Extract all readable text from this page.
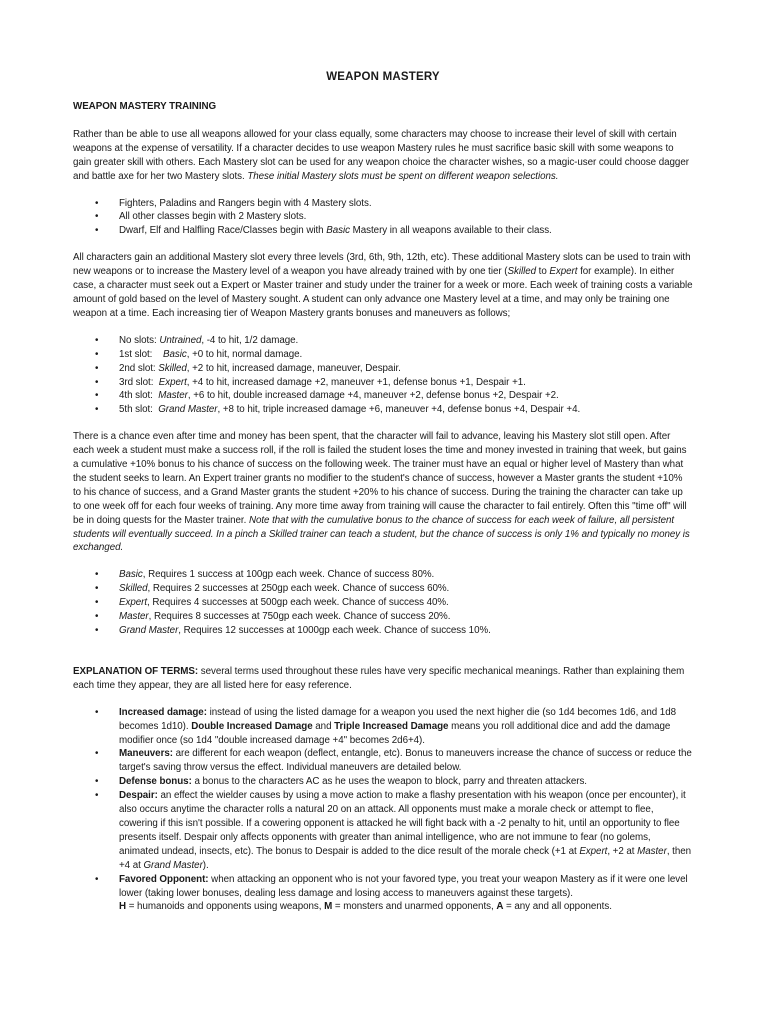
WEAPON MASTERY
WEAPON MASTERY TRAINING

Rather than be able to use all weapons allowed for your class equally, some characters may choose to increase their level of skill with certain weapons at the expense of versatility. If a character decides to use weapon Mastery rules he must sacrifice basic skill with some weapons to gain greater skill with others. Each Mastery slot can be used for any weapon choice the character wishes, so a magic-user could choose dagger and battle axe for her two Mastery slots. These initial Mastery slots must be spent on different weapon selections.

• Fighters, Paladins and Rangers begin with 4 Mastery slots.
• All other classes begin with 2 Mastery slots.
• Dwarf, Elf and Halfling Race/Classes begin with Basic Mastery in all weapons available to their class.

All characters gain an additional Mastery slot every three levels (3rd, 6th, 9th, 12th, etc). These additional Mastery slots can be used to train with new weapons or to increase the Mastery level of a weapon you have already trained with by one tier (Skilled to Expert for example). In either case, a character must seek out a Expert or Master trainer and study under the trainer for a week or more. Each week of training costs a variable amount of gold based on the level of Mastery sought. A student can only advance one Mastery level at a time, and may only be training one weapon at a time. Each increasing tier of Weapon Mastery grants bonuses and maneuvers as follows;

• No slots: Untrained, -4 to hit, 1/2 damage.
• 1st slot:    Basic, +0 to hit, normal damage.
• 2nd slot: Skilled, +2 to hit, increased damage, maneuver, Despair.
• 3rd slot:  Expert, +4 to hit, increased damage +2, maneuver +1, defense bonus +1, Despair +1.
• 4th slot:  Master, +6 to hit, double increased damage +4, maneuver +2, defense bonus +2, Despair +2.
• 5th slot:  Grand Master, +8 to hit, triple increased damage +6, maneuver +4, defense bonus +4, Despair +4.

There is a chance even after time and money has been spent, that the character will fail to advance, leaving his Mastery slot still open. After each week a student must make a success roll, if the roll is failed the student loses the time and money invested in training that week, but gains a cumulative +10% bonus to his chance of success on the following week. The trainer must have an equal or higher level of Mastery than what the student seeks to learn. An Expert trainer grants no modifier to the student's chance of success, however a Master grants the student +10% to his chance of success, and a Grand Master grants the student +20% to his chance of success. During the training the character can take up to one week off for each four weeks of training. Any more time away from training will cause the character to fail entirely. Often this "time off" will be in doing quests for the Master trainer. Note that with the cumulative bonus to the chance of success for each week of failure, all persistent students will eventually succeed. In a pinch a Skilled trainer can teach a student, but the chance of success is only 1% and typically no money is exchanged.

• Basic, Requires 1 success at 100gp each week. Chance of success 80%.
• Skilled, Requires 2 successes at 250gp each week. Chance of success 60%.
• Expert, Requires 4 successes at 500gp each week. Chance of success 40%.
• Master, Requires 8 successes at 750gp each week. Chance of success 20%.
• Grand Master, Requires 12 successes at 1000gp each week. Chance of success 10%.

EXPLANATION OF TERMS: several terms used throughout these rules have very specific mechanical meanings. Rather than explaining them each time they appear, they are all listed here for easy reference.

• Increased damage: instead of using the listed damage for a weapon you used the next higher die (so 1d4 becomes 1d6, and 1d8 becomes 1d10). Double Increased Damage and Triple Increased Damage means you roll additional dice and add the damage modifier once (so 1d4 "double increased damage +4" becomes 2d6+4).
• Maneuvers: are different for each weapon (deflect, entangle, etc). Bonus to maneuvers increase the chance of success or reduce the target's saving throw versus the effect. Individual maneuvers are detailed below.
• Defense bonus: a bonus to the characters AC as he uses the weapon to block, parry and threaten attackers.
• Despair: an effect the wielder causes by using a move action to make a flashy presentation with his weapon (once per encounter), it also occurs anytime the character rolls a natural 20 on an attack. All opponents must make a morale check or attempt to flee, cowering if this isn't possible. If a cowering opponent is attacked he will fight back with a -2 penalty to hit, until an opportunity to flee presents itself. Despair only affects opponents with greater than animal intelligence, who are not immune to fear (no golems, animated undead, insects, etc). The bonus to Despair is added to the dice result of the morale check (+1 at Expert, +2 at Master, then +4 at Grand Master).
• Favored Opponent: when attacking an opponent who is not your favored type, you treat your weapon Mastery as if it were one level lower (taking lower bonuses, dealing less damage and losing access to maneuvers against these targets).
H = humanoids and opponents using weapons, M = monsters and unarmed opponents, A = any and all opponents.
